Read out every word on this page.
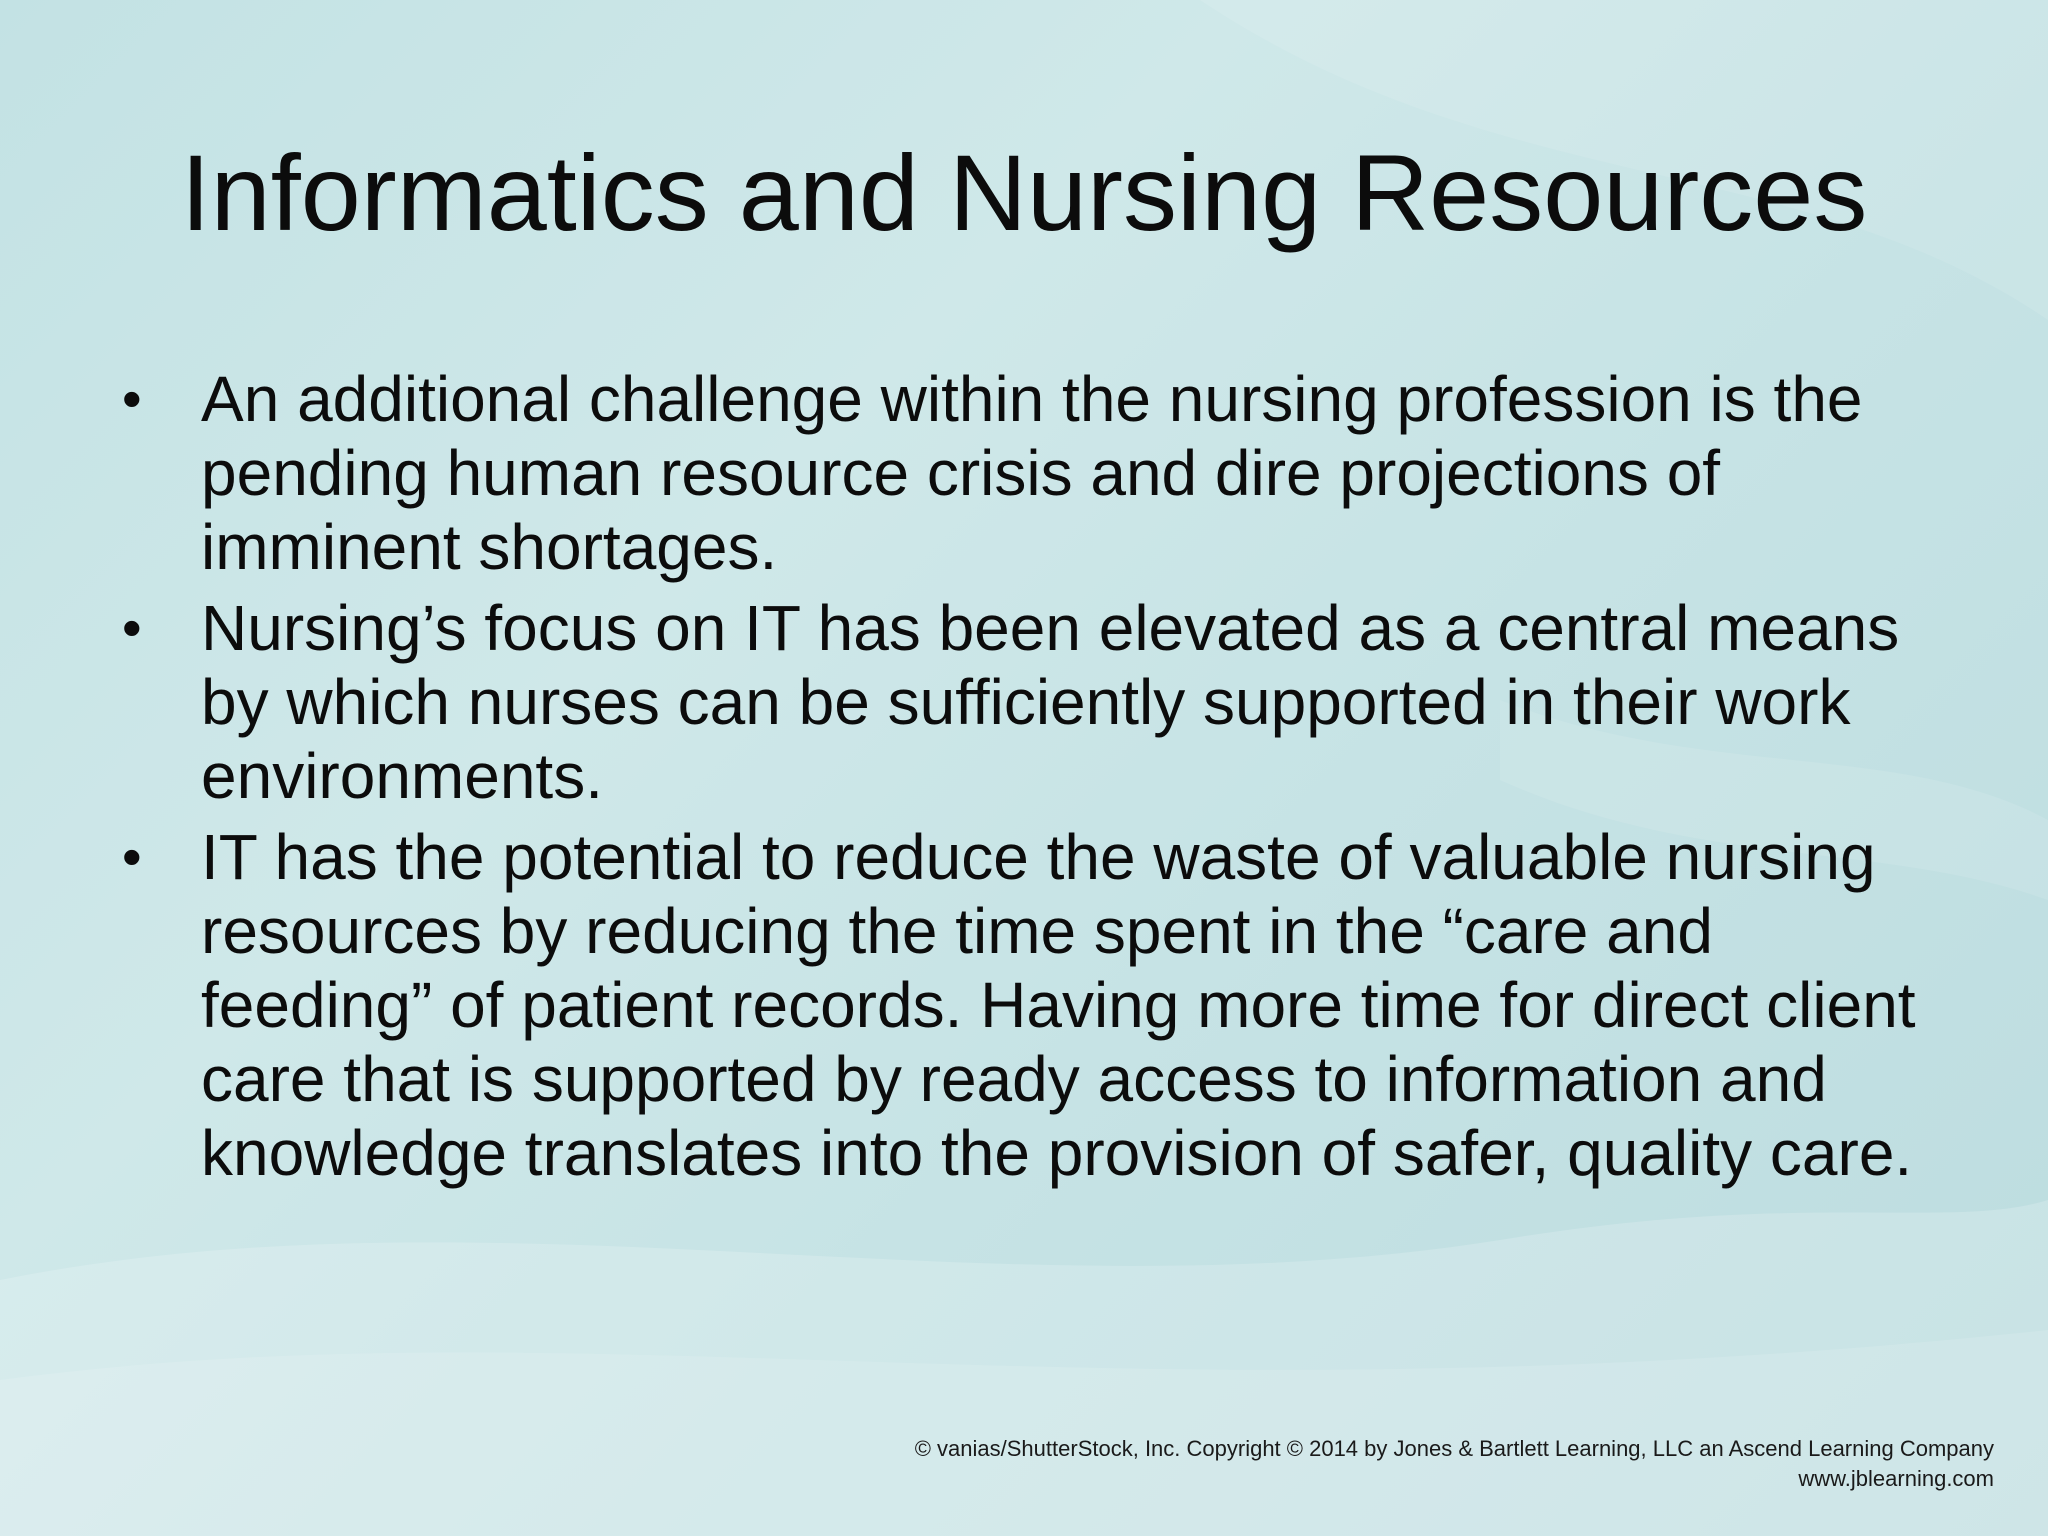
Informatics and Nursing Resources
• An additional challenge within the nursing profession is the pending human resource crisis and dire projections of imminent shortages.
• Nursing’s focus on IT has been elevated as a central means by which nurses can be sufficiently supported in their work environments.
• IT has the potential to reduce the waste of valuable nursing resources by reducing the time spent in the “care and feeding” of patient records. Having more time for direct client care that is supported by ready access to information and knowledge translates into the provision of safer, quality care.
© vanias/ShutterStock, Inc. Copyright © 2014 by Jones & Bartlett Learning, LLC an Ascend Learning Company
www.jblearning.com
